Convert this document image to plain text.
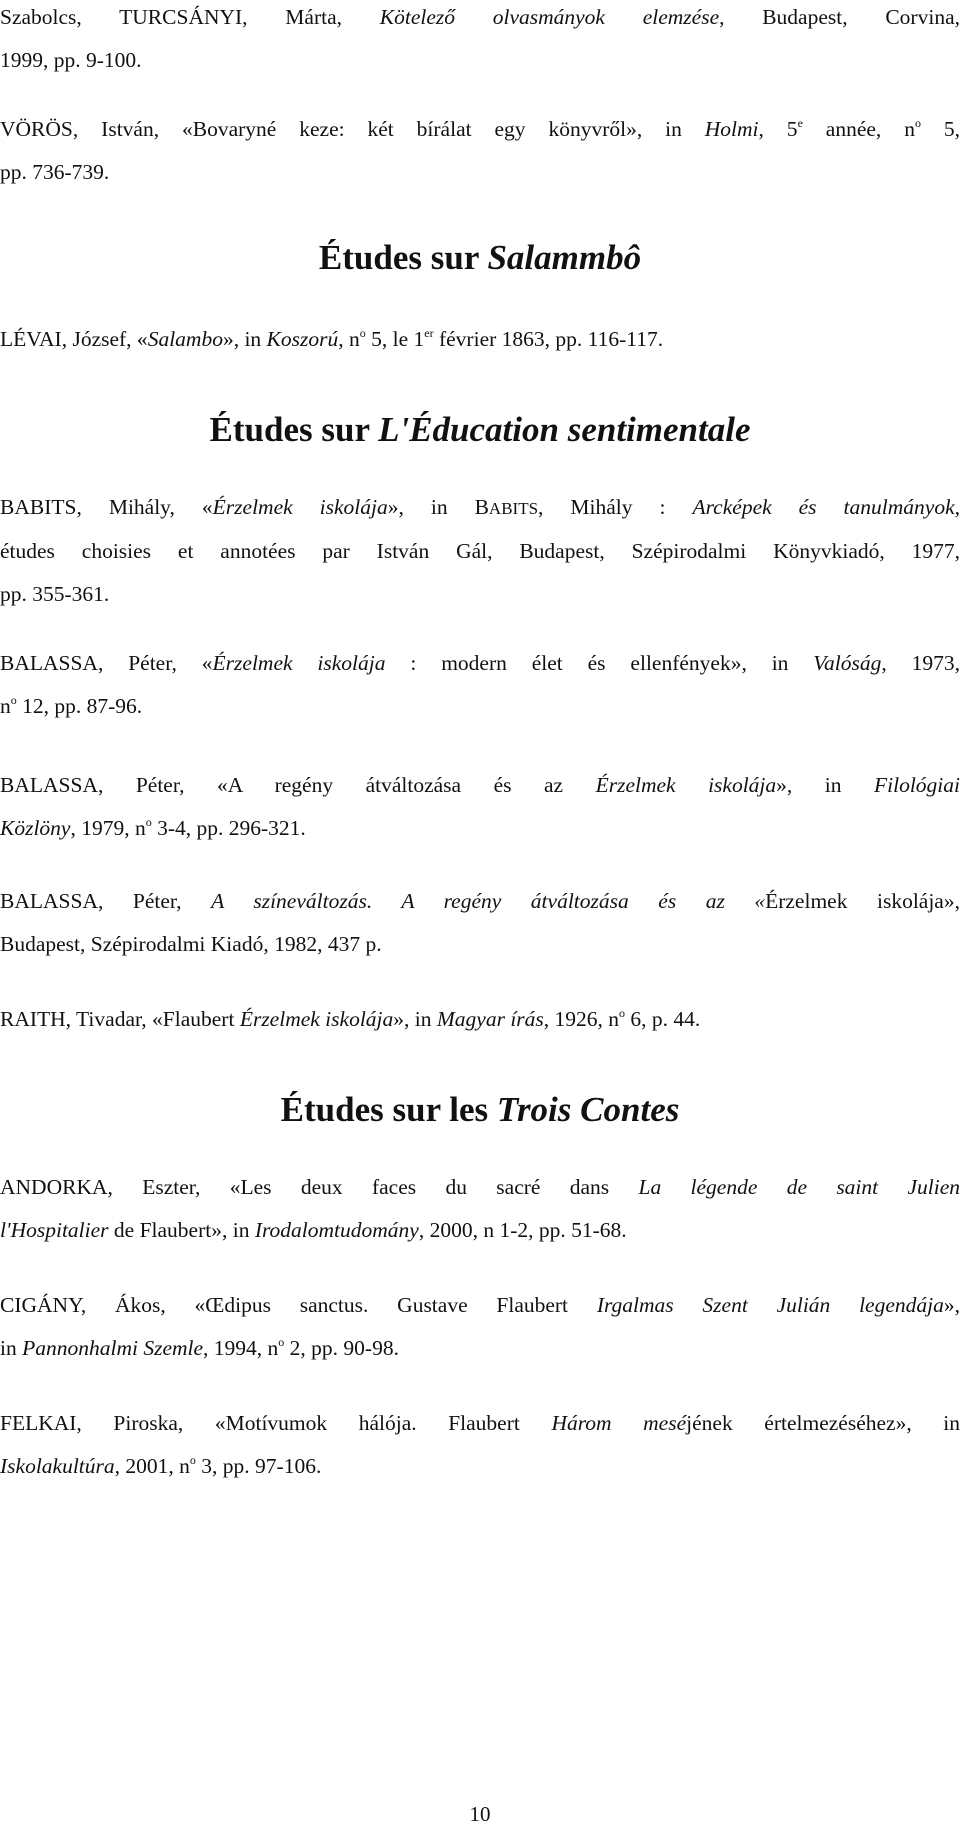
Szabolcs, TURCSÁNYI, Márta, Kötelező olvasmányok elemzése, Budapest, Corvina,
1999, pp. 9-100.

VÖRÖS, István, «Bovaryné keze: két bírálat egy könyvről», in Holmi, 5e année, $n^o$ 5,
pp. 736-739.

Études sur Salammbô

LÉVAI, József, «Salambo», in Koszorú, $n^o$ 5, le 1er février 1863, pp. 116-117.

Études sur L'Éducation sentimentale

BABITS, Mihály, «Érzelmek iskolája», in BABITS, Mihály : Arcképek és tanulmányok,
études choisies et annotées par István Gál, Budapest, Szépirodalmi Könyvkiadó, 1977,
pp. 355-361.

BALASSA, Péter, «Érzelmek iskolája : modern élet és ellenfények», in Valóság, 1973,
$n^o$ 12, pp. 87-96.

BALASSA, Péter, «A regény átváltozása és az Érzelmek iskolája», in Filológiai
Közlöny, 1979, $n^o$ 3-4, pp. 296-321.

BALASSA, Péter, A színeváltozás. A regény átváltozása és az «Érzelmek iskolája»,
Budapest, Szépirodalmi Kiadó, 1982, 437 p.

RAITH, Tivadar, «Flaubert Érzelmek iskolája», in Magyar írás, 1926, $n^o$ 6, p. 44.

Études sur les Trois Contes

ANDORKA, Eszter, «Les deux faces du sacré dans La légende de saint Julien
l'Hospitalier de Flaubert», in Irodalomtudomány, 2000, n 1-2, pp. 51-68.

CIGÁNY, Ákos, «Œdipus sanctus. Gustave Flaubert Irgalmas Szent Julián legendája»,
in Pannonhalmi Szemle, 1994, $n^o$ 2, pp. 90-98.

FELKAI, Piroska, «Motívumok hálója. Flaubert Három meséjének értelmezéséhez», in
Iskolakultúra, 2001, $n^o$ 3, pp. 97-106.

10
